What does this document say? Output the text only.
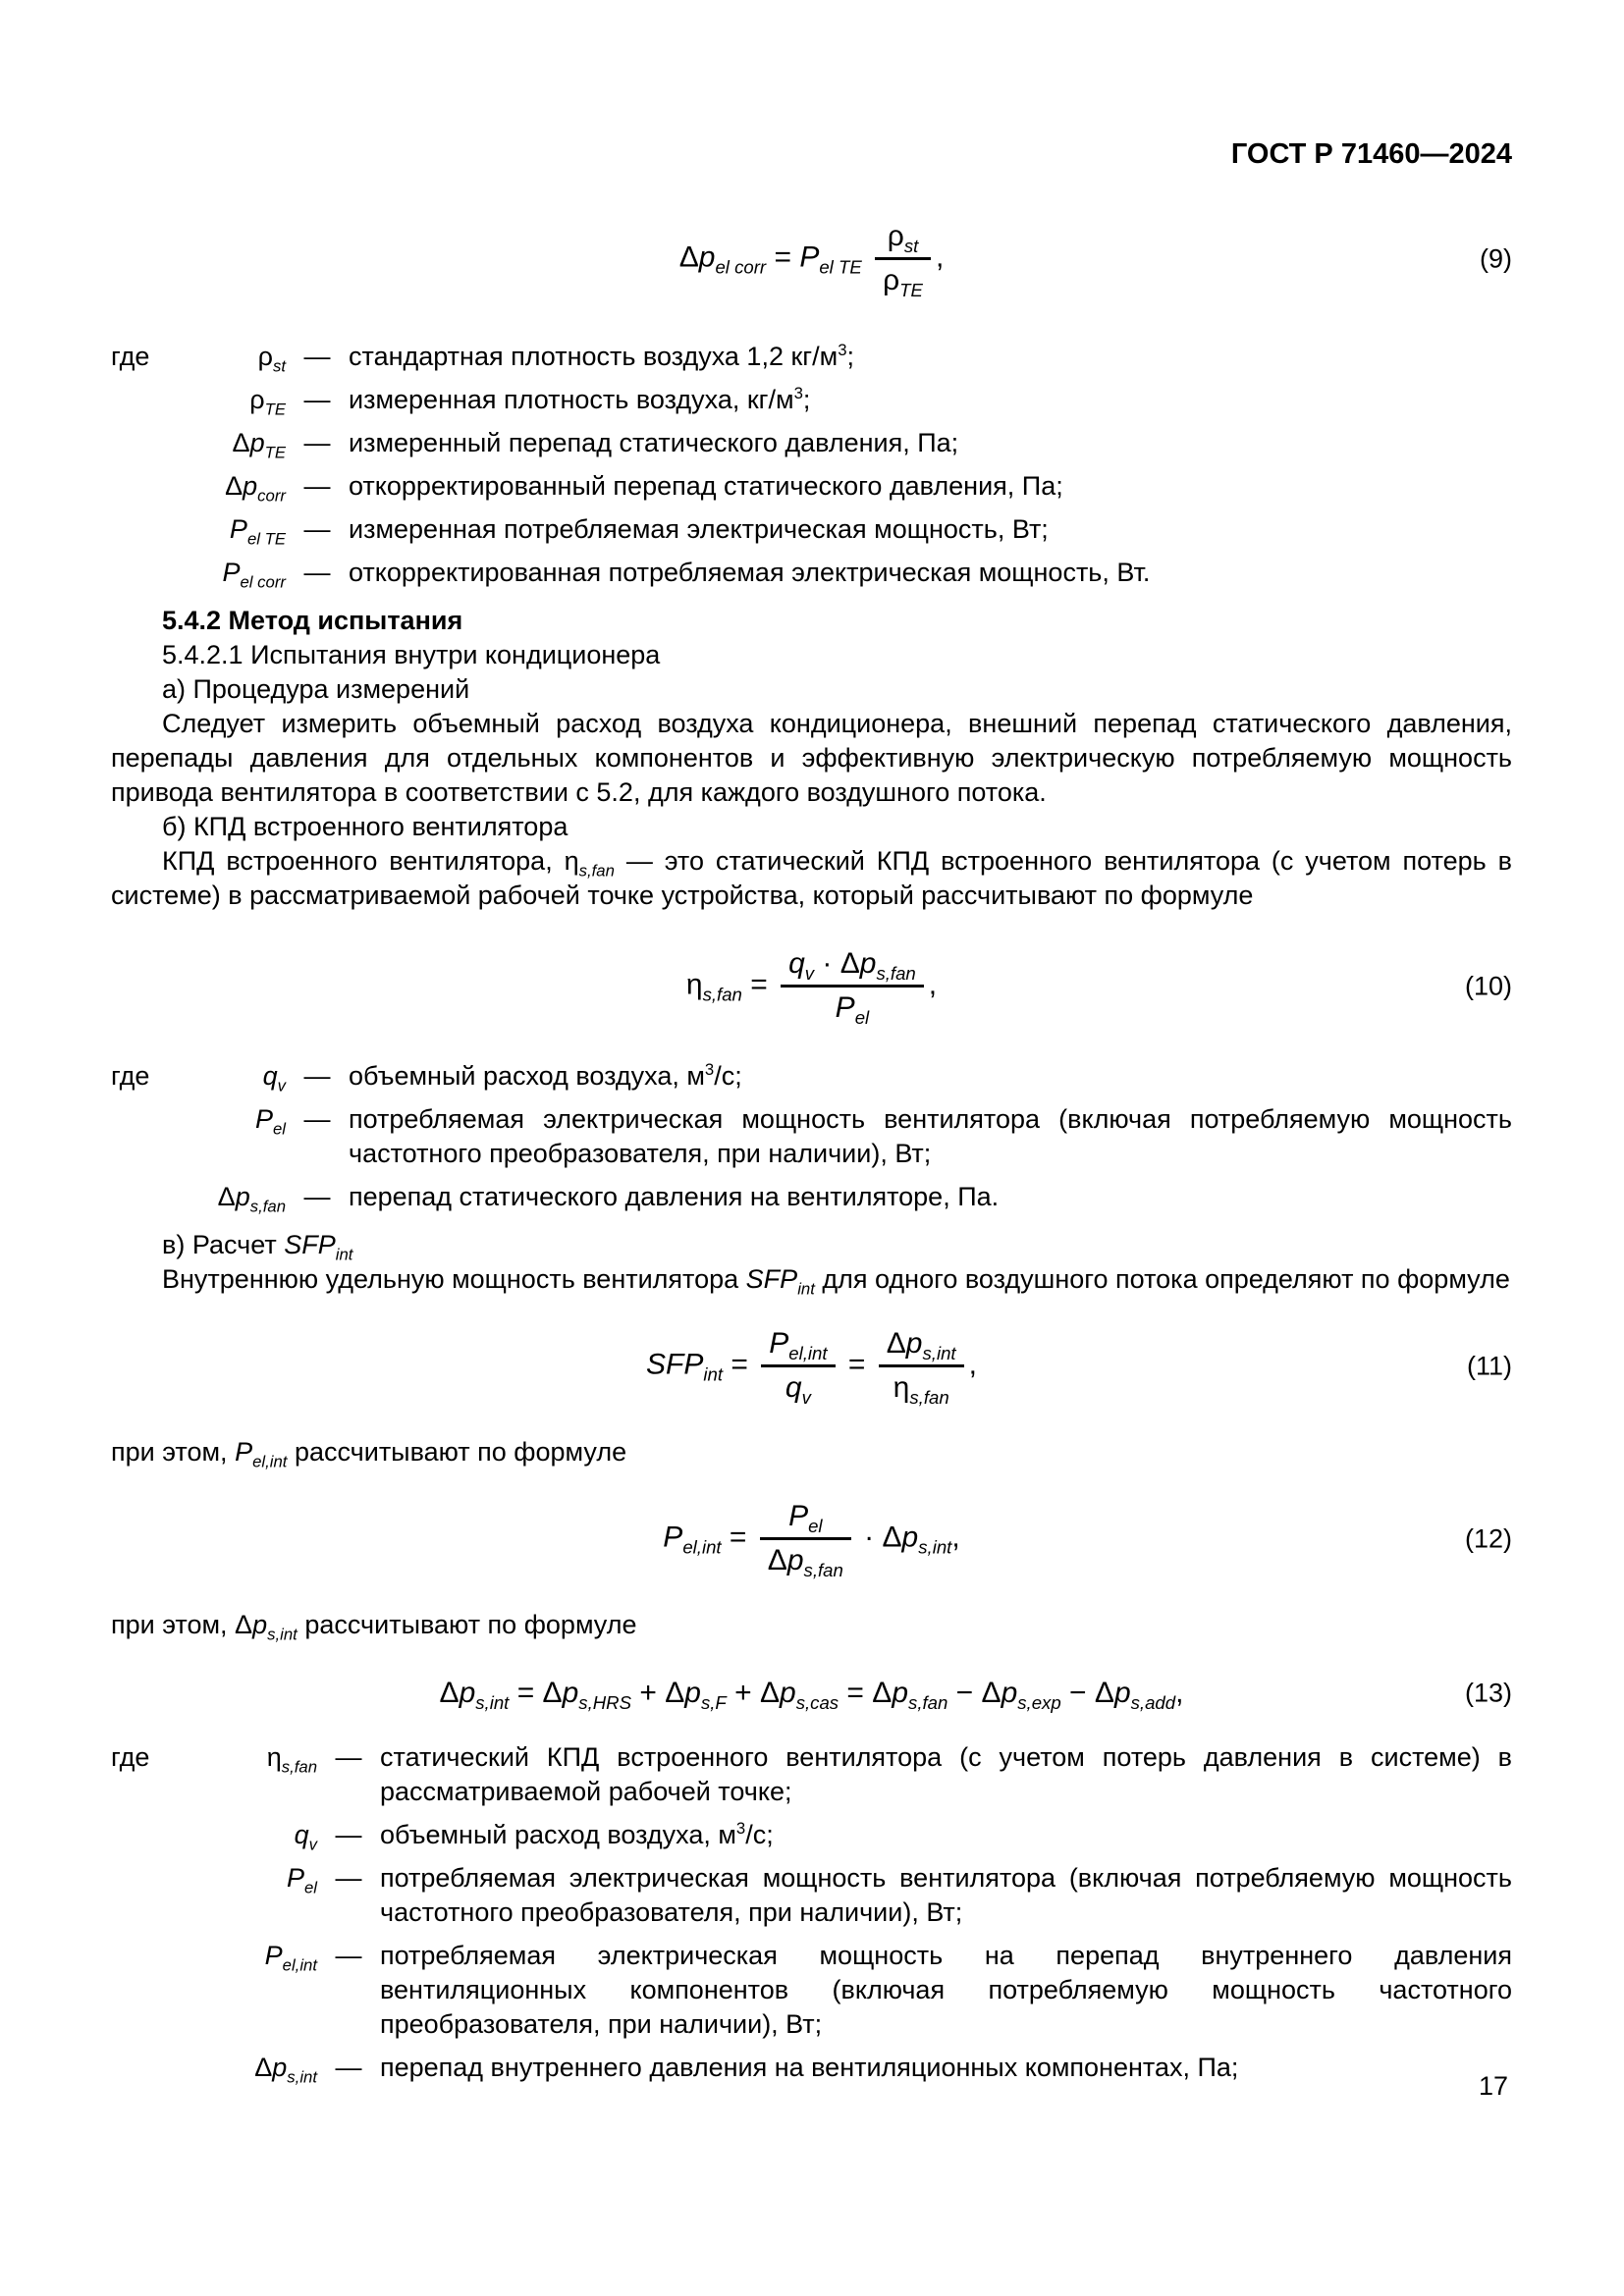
ГОСТ Р 71460—2024
$\Delta p_{el corr} = P_{el TE} \frac{\rho_{st}}{\rho_{TE}}$ ,	(9)
где	$\rho_{st}$ — стандартная плотность воздуха 1,2 $кг/м^3$;
$\rho_{TE}$ — измеренная плотность воздуха, $кг/м^3$;
$\Delta p_{TE}$ — измеренный перепад статического давления, Па;
$\Delta p_{corr}$ — откорректированный перепад статического давления, Па;
$P_{el TE}$ — измеренная потребляемая электрическая мощность, Вт;
$P_{el corr}$ — откорректированная потребляемая электрическая мощность, Вт.

5.4.2 Метод испытания

5.4.2.1 Испытания внутри кондиционера

а) Процедура измерений

Следует измерить объемный расход воздуха кондиционера, внешний перепад статического давления, перепады давления для отдельных компонентов и эффективную электрическую потребляемую мощность привода вентилятора в соответствии с 5.2, для каждого воздушного потока.

б) КПД встроенного вентилятора

КПД встроенного вентилятора, $\eta_{s,fan}$ — это статический КПД встроенного вентилятора (с учетом потерь в системе) в рассматриваемой рабочей точке устройства, который рассчитывают по формуле

$\eta_{s,fan} = \frac{q_v \cdot \Delta p_{s,fan}}{P_{el}}$ ,	(10)
где	$q_v$ — объемный расход воздуха, $м^3/с$;
$P_{el}$ — потребляемая электрическая мощность вентилятора (включая потребляемую мощность частотного преобразователя, при наличии), Вт;
$\Delta p_{s,fan}$ — перепад статического давления на вентиляторе, Па.

в) Расчет $SFP_{int}$

Внутреннюю удельную мощность вентилятора $SFP_{int}$ для одного воздушного потока определяют по формуле

$SFP_{int} = \frac{P_{el,int}}{q_v} = \frac{\Delta p_{s,int}}{\eta_{s,fan}}$ ,	(11)

при этом, $P_{el,int}$ рассчитывают по формуле

$P_{el,int} = \frac{P_{el}}{\Delta p_{s,fan}} \cdot \Delta p_{s,int}$,	(12)

при этом, $\Delta p_{s,int}$ рассчитывают по формуле

$\Delta p_{s,int} = \Delta p_{s,HRS} + \Delta p_{s,F} + \Delta p_{s,cas} = \Delta p_{s,fan} - \Delta p_{s,exp} - \Delta p_{s,add}$,	(13)
где	$\eta_{s,fan}$ — статический КПД встроенного вентилятора (с учетом потерь давления в системе) в рассматриваемой рабочей точке;
$q_v$ — объемный расход воздуха, $м^3/с$;
$P_{el}$ — потребляемая электрическая мощность вентилятора (включая потребляемую мощность частотного преобразователя, при наличии), Вт;
$P_{el,int}$ — потребляемая электрическая мощность на перепад внутреннего давления вентиляционных компонентов (включая потребляемую мощность частотного преобразователя, при наличии), Вт;
$\Delta p_{s,int}$ — перепад внутреннего давления на вентиляционных компонентах, Па;
17
